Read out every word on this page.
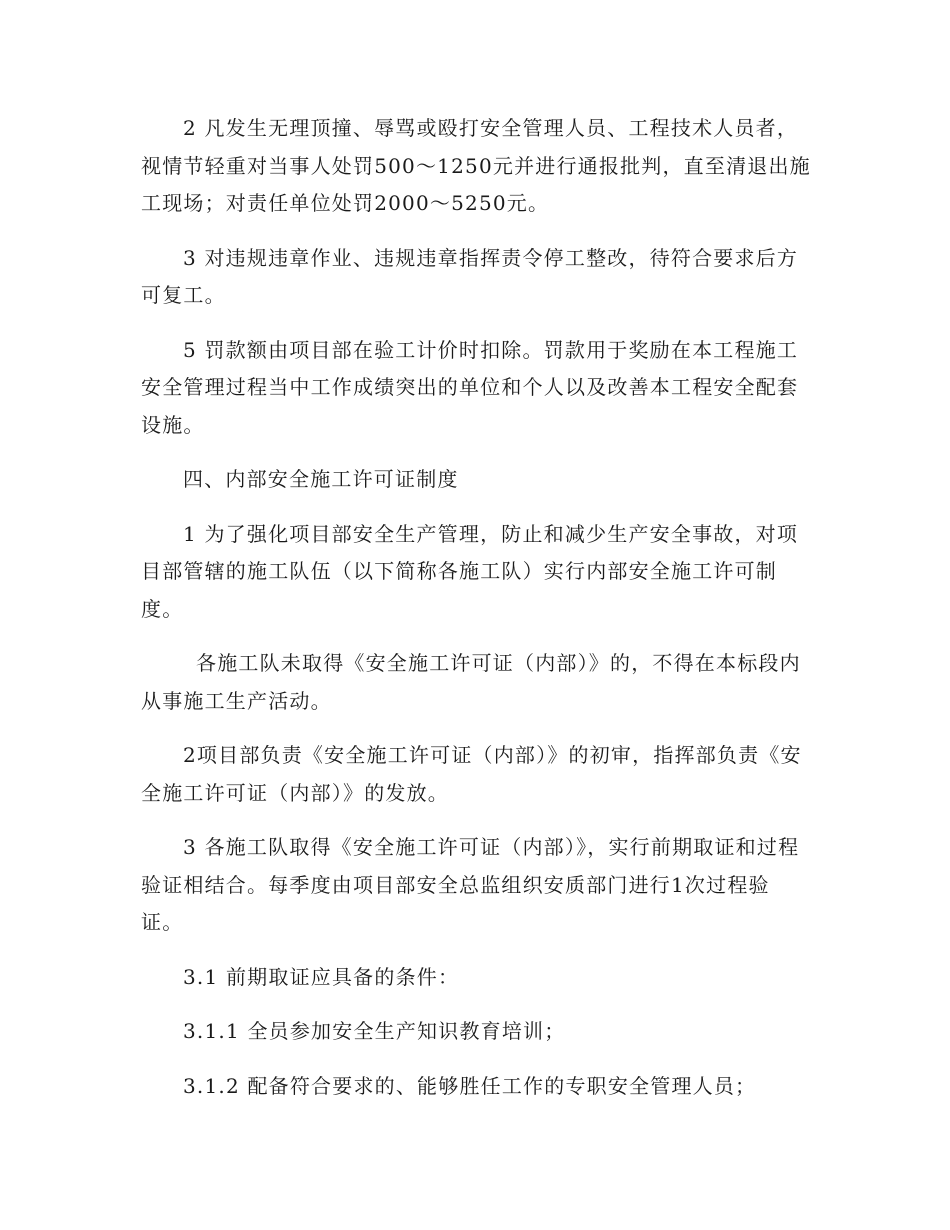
2 凡发生无理顶撞、辱骂或殴打安全管理人员、工程技术人员者，视情节轻重对当事人处罚500～1250元并进行通报批判，直至清退出施工现场；对责任单位处罚2000～5250元。

3 对违规违章作业、违规违章指挥责令停工整改，待符合要求后方可复工。

5 罚款额由项目部在验工计价时扣除。罚款用于奖励在本工程施工安全管理过程当中工作成绩突出的单位和个人以及改善本工程安全配套设施。

四、内部安全施工许可证制度

1 为了强化项目部安全生产管理，防止和减少生产安全事故，对项目部管辖的施工队伍（以下简称各施工队）实行内部安全施工许可制度。

各施工队未取得《安全施工许可证（内部）》的，不得在本标段内从事施工生产活动。

2项目部负责《安全施工许可证（内部）》的初审，指挥部负责《安全施工许可证（内部）》的发放。

3 各施工队取得《安全施工许可证（内部）》，实行前期取证和过程验证相结合。每季度由项目部安全总监组织安质部门进行1次过程验证。

3.1 前期取证应具备的条件：

3.1.1 全员参加安全生产知识教育培训；

3.1.2 配备符合要求的、能够胜任工作的专职安全管理人员；
